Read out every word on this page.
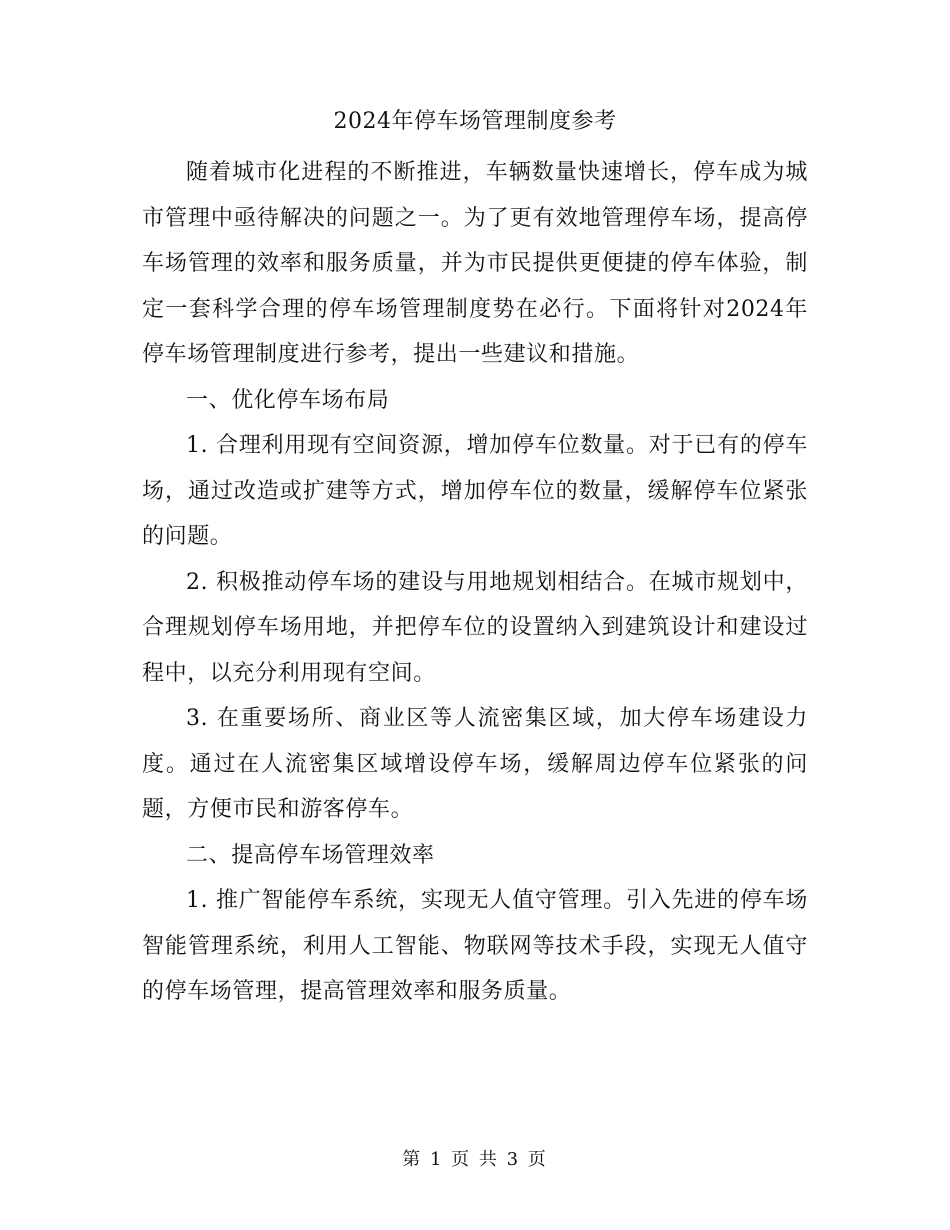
2024年停车场管理制度参考

随着城市化进程的不断推进，车辆数量快速增长，停车成为城市管理中亟待解决的问题之一。为了更有效地管理停车场，提高停车场管理的效率和服务质量，并为市民提供更便捷的停车体验，制定一套科学合理的停车场管理制度势在必行。下面将针对2024年停车场管理制度进行参考，提出一些建议和措施。

一、优化停车场布局

1. 合理利用现有空间资源，增加停车位数量。对于已有的停车场，通过改造或扩建等方式，增加停车位的数量，缓解停车位紧张的问题。

2. 积极推动停车场的建设与用地规划相结合。在城市规划中，合理规划停车场用地，并把停车位的设置纳入到建筑设计和建设过程中，以充分利用现有空间。

3. 在重要场所、商业区等人流密集区域，加大停车场建设力度。通过在人流密集区域增设停车场，缓解周边停车位紧张的问题，方便市民和游客停车。

二、提高停车场管理效率

1. 推广智能停车系统，实现无人值守管理。引入先进的停车场智能管理系统，利用人工智能、物联网等技术手段，实现无人值守的停车场管理，提高管理效率和服务质量。

第 1 页 共 3 页
